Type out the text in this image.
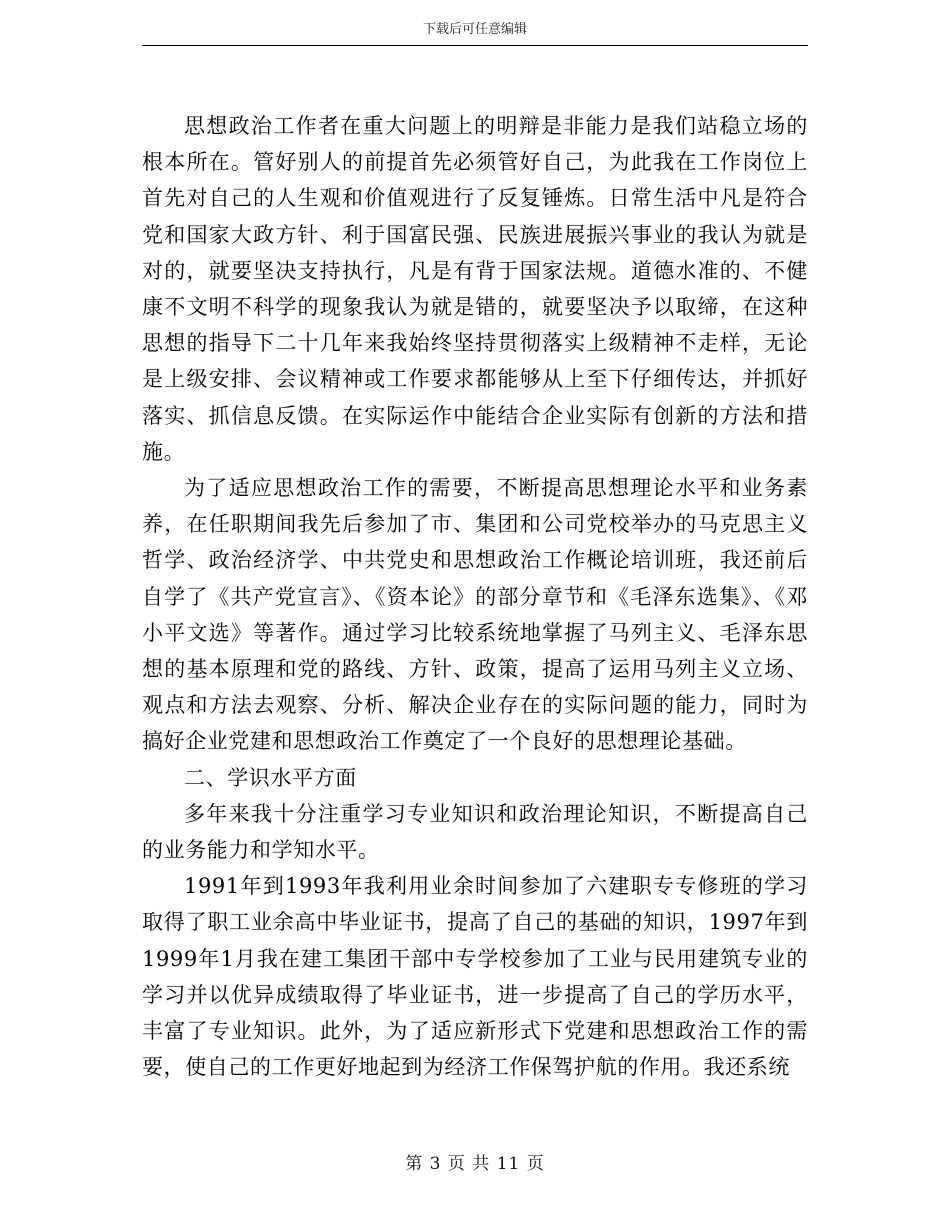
下载后可任意编辑

思想政治工作者在重大问题上的明辩是非能力是我们站稳立场的根本所在。管好别人的前提首先必须管好自己，为此我在工作岗位上首先对自己的人生观和价值观进行了反复锤炼。日常生活中凡是符合党和国家大政方针、利于国富民强、民族进展振兴事业的我认为就是对的，就要坚决支持执行，凡是有背于国家法规。道德水准的、不健康不文明不科学的现象我认为就是错的，就要坚决予以取缔，在这种思想的指导下二十几年来我始终坚持贯彻落实上级精神不走样，无论是上级安排、会议精神或工作要求都能够从上至下仔细传达，并抓好落实、抓信息反馈。在实际运作中能结合企业实际有创新的方法和措施。

为了适应思想政治工作的需要，不断提高思想理论水平和业务素养，在任职期间我先后参加了市、集团和公司党校举办的马克思主义哲学、政治经济学、中共党史和思想政治工作概论培训班，我还前后自学了《共产党宣言》、《资本论》的部分章节和《毛泽东选集》、《邓小平文选》等著作。通过学习比较系统地掌握了马列主义、毛泽东思想的基本原理和党的路线、方针、政策，提高了运用马列主义立场、观点和方法去观察、分析、解决企业存在的实际问题的能力，同时为搞好企业党建和思想政治工作奠定了一个良好的思想理论基础。

二、学识水平方面

多年来我十分注重学习专业知识和政治理论知识，不断提高自己的业务能力和学知水平。

1991年到1993年我利用业余时间参加了六建职专专修班的学习取得了职工业余高中毕业证书，提高了自己的基础的知识，1997年到1999年1月我在建工集团干部中专学校参加了工业与民用建筑专业的学习并以优异成绩取得了毕业证书，进一步提高了自己的学历水平，丰富了专业知识。此外，为了适应新形式下党建和思想政治工作的需要，使自己的工作更好地起到为经济工作保驾护航的作用。我还系统

第 3 页 共 11 页
